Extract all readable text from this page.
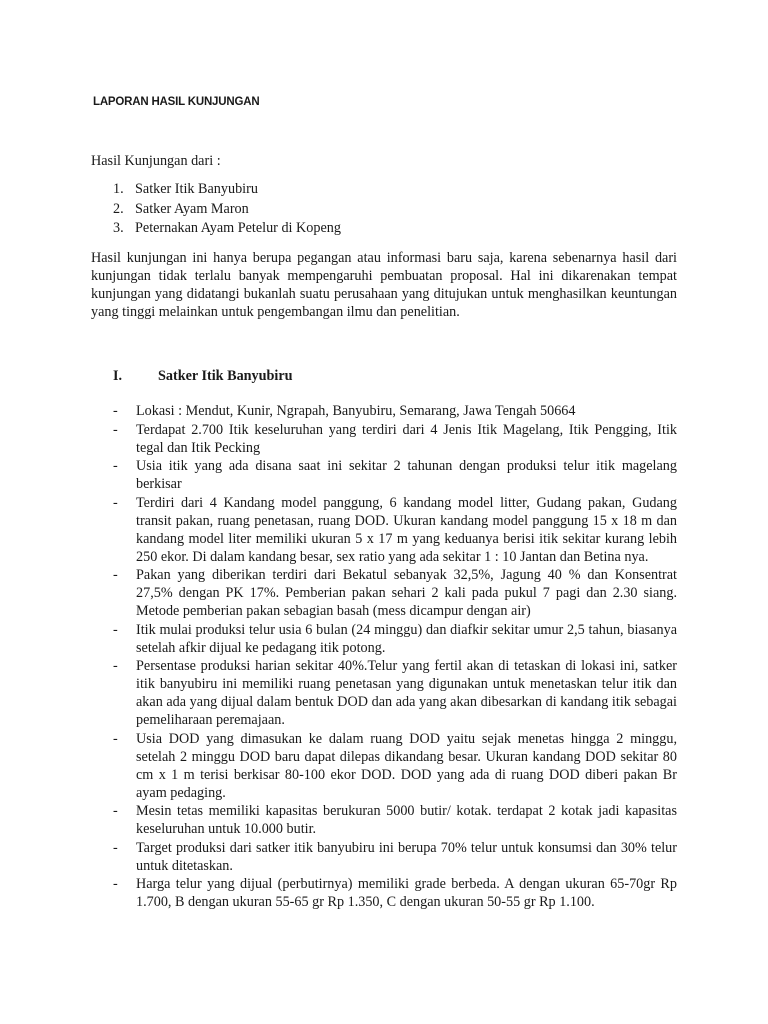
LAPORAN HASIL KUNJUNGAN
Hasil Kunjungan dari :
1. Satker Itik Banyubiru
2. Satker Ayam Maron
3. Peternakan Ayam Petelur di Kopeng

Hasil kunjungan ini hanya berupa pegangan atau informasi baru saja, karena sebenarnya hasil dari kunjungan tidak terlalu banyak mempengaruhi pembuatan proposal. Hal ini dikarenakan tempat kunjungan yang didatangi bukanlah suatu perusahaan yang ditujukan untuk menghasilkan keuntungan yang tinggi melainkan untuk pengembangan ilmu dan penelitian.

I.	Satker Itik Banyubiru
-	Lokasi : Mendut, Kunir, Ngrapah, Banyubiru, Semarang, Jawa Tengah 50664
-	Terdapat 2.700 Itik keseluruhan yang terdiri dari 4 Jenis Itik Magelang, Itik Pengging, Itik tegal dan Itik Pecking
-	Usia itik yang ada disana saat ini sekitar 2 tahunan dengan produksi telur itik magelang berkisar
-	Terdiri dari 4 Kandang model panggung, 6 kandang model litter, Gudang pakan, Gudang transit pakan, ruang penetasan, ruang DOD. Ukuran kandang model panggung 15 x 18 m dan kandang model liter memiliki ukuran 5 x 17 m yang keduanya berisi itik sekitar kurang lebih 250 ekor. Di dalam kandang besar, sex ratio yang ada sekitar 1 : 10 Jantan dan Betina nya.
-	Pakan yang diberikan terdiri dari Bekatul sebanyak 32,5%, Jagung 40 % dan Konsentrat 27,5% dengan PK 17%. Pemberian pakan sehari 2 kali pada pukul 7 pagi dan 2.30 siang. Metode pemberian pakan sebagian basah (mess dicampur dengan air)
-	Itik mulai produksi telur usia 6 bulan (24 minggu) dan diafkir sekitar umur 2,5 tahun, biasanya setelah afkir dijual ke pedagang itik potong.
-	Persentase produksi harian sekitar 40%.Telur yang fertil akan di tetaskan di lokasi ini, satker itik banyubiru ini memiliki ruang penetasan yang digunakan untuk menetaskan telur itik dan akan ada yang dijual dalam bentuk DOD dan ada yang akan dibesarkan di kandang itik sebagai pemeliharaan peremajaan.
-	Usia DOD yang dimasukan ke dalam ruang DOD yaitu sejak menetas hingga 2 minggu, setelah 2 minggu DOD baru dapat dilepas dikandang besar. Ukuran kandang DOD sekitar 80 cm x 1 m terisi berkisar 80-100 ekor DOD. DOD yang ada di ruang DOD diberi pakan Br ayam pedaging.
-	Mesin tetas memiliki kapasitas berukuran 5000 butir/ kotak. terdapat 2 kotak jadi kapasitas keseluruhan untuk 10.000 butir.
-	Target produksi dari satker itik banyubiru ini berupa 70% telur untuk konsumsi dan 30% telur untuk ditetaskan.
-	Harga telur yang dijual (perbutirnya) memiliki grade berbeda. A dengan ukuran 65-70gr Rp 1.700, B dengan ukuran 55-65 gr Rp 1.350, C dengan ukuran 50-55 gr Rp 1.100.
